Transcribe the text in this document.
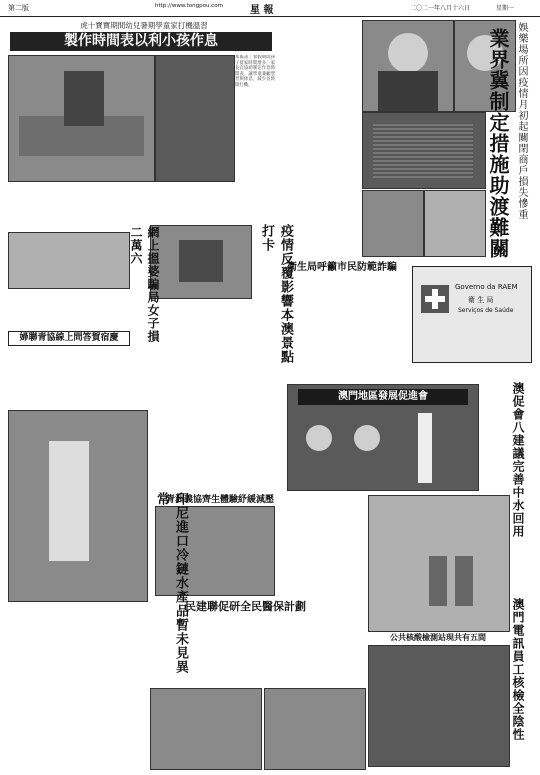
第二版	http://www.tongpou.com	星 報	二〇二一年八月十六日	星期一
虎十寶寶期間幼兒暑期學童家打機溫習
製作時間表以利小孩作息
本報訊｜暑假期間孩子留家時間增多，家長宜協助制定作息時間表，讓學童兼顧學習與休息，減少長時間打機。	業界冀制定措施助渡難關 娛樂場所因疫情月初起關閉商戶損失慘重
網上搵婆騙局女子損二萬六	疫情反覆影響本澳景點打卡
婦聯青協線上問答賀宿慶
衛生局呼籲市民防範詐騙
Governo da RAEM
衛 生 局
Serviços de Saúde
澳門地區發展促進會	澳促會八建議完善中水回用
青洲義協齊生體驗紓緩減壓
印尼進口冷鏈水產品暫未見異常
公共核酸檢測站現共有五間	澳門電訊員工核檢全陰性
民建聯促研全民醫保計劃
